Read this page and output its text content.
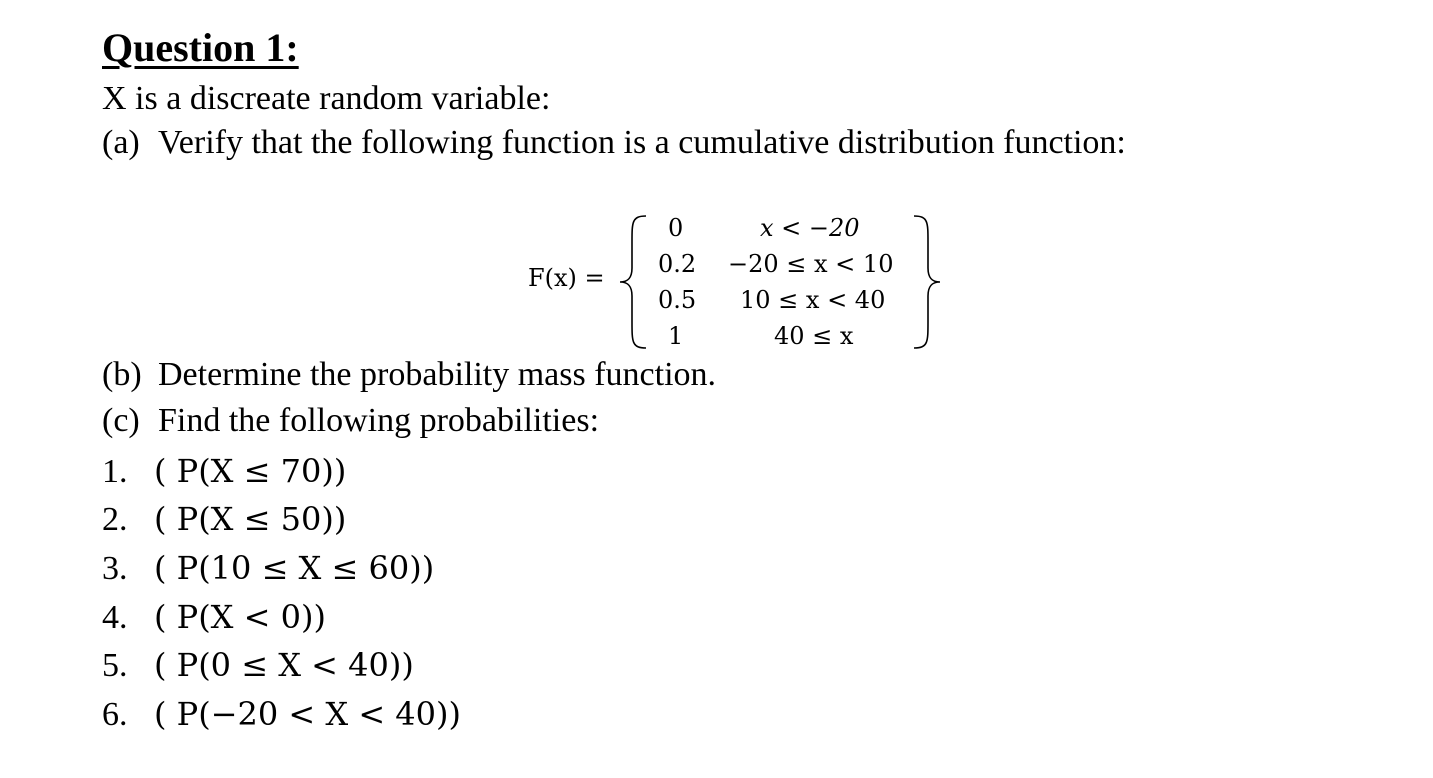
Question 1:
X is a discreate random variable:
(a) Verify that the following function is a cumulative distribution function:
F(x) =
0	x < −20
0.2 −20 ≤ x < 10
0.5 10 ≤ x < 40
1	40 ≤ x
(b) Determine the probability mass function.
(c) Find the following probabilities:
1. ( P(X ≤ 70))
2. ( P(X ≤ 50))
3. ( P(10 ≤ X ≤ 60))
4. ( P(X < 0))
5. ( P(0 ≤ X < 40))
6. ( P(−20 < X < 40))
